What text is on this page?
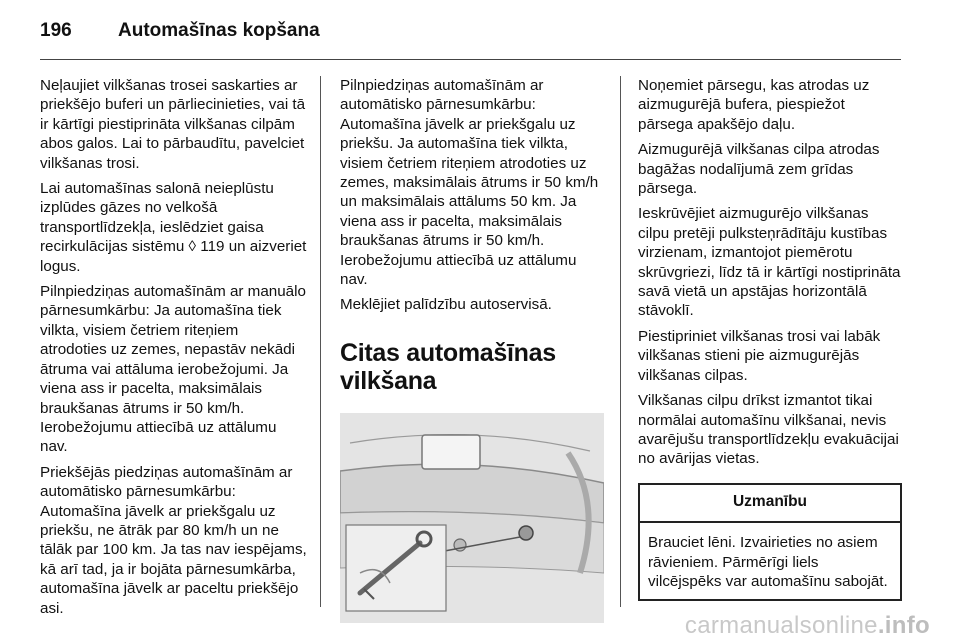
196	Automašīnas kopšana

Neļaujiet vilkšanas trosei saskarties ar priekšējo buferi un pārliecinieties, vai tā ir kārtīgi piestiprināta vilkšanas cilpām abos galos. Lai to pārbaudītu, pavelciet vilkšanas trosi.

Lai automašīnas salonā neieplūstu izplūdes gāzes no velkošā transportlīdzekļa, ieslēdziet gaisa recirkulācijas sistēmu ◊ 119 un aizveriet logus.

Pilnpiedziņas automašīnām ar manuālo pārnesumkārbu: Ja automašīna tiek vilkta, visiem četriem riteņiem atrodoties uz zemes, nepastāv nekādi ātruma vai attāluma ierobežojumi. Ja viena ass ir pacelta, maksimālais braukšanas ātrums ir 50 km/h. Ierobežojumu attiecībā uz attālumu nav.

Priekšējās piedziņas automašīnām ar automātisko pārnesumkārbu: Automašīna jāvelk ar priekšgalu uz priekšu, ne ātrāk par 80 km/h un ne tālāk par 100 km. Ja tas nav iespējams, kā arī tad, ja ir bojāta pārnesumkārba, automašīna jāvelk ar paceltu priekšējo asi.

Pilnpiedziņas automašīnām ar automātisko pārnesumkārbu: Automašīna jāvelk ar priekšgalu uz priekšu. Ja automašīna tiek vilkta, visiem četriem riteņiem atrodoties uz zemes, maksimālais ātrums ir 50 km/h un maksimālais attālums 50 km. Ja viena ass ir pacelta, maksimālais braukšanas ātrums ir 50 km/h. Ierobežojumu attiecībā uz attālumu nav.

Meklējiet palīdzību autoservisā.

Citas automašīnas vilkšana

Noņemiet pārsegu, kas atrodas uz aizmugurējā bufera, piespiežot pārsega apakšējo daļu.

Aizmugurējā vilkšanas cilpa atrodas bagāžas nodalījumā zem grīdas pārsega.

Ieskrūvējiet aizmugurējo vilkšanas cilpu pretēji pulksteņrādītāju kustības virzienam, izmantojot piemērotu skrūvgriezi, līdz tā ir kārtīgi nostiprināta savā vietā un apstājas horizontālā stāvoklī.

Piestipriniet vilkšanas trosi vai labāk vilkšanas stieni pie aizmugurējās vilkšanas cilpas.

Vilkšanas cilpu drīkst izmantot tikai normālai automašīnu vilkšanai, nevis avarējušu transportlīdzekļu evakuācijai no avārijas vietas.

Uzmanību
Brauciet lēni. Izvairieties no asiem rāvieniem. Pārmērīgi liels vilcējspēks var automašīnu sabojāt.
carmanualsonline.info
